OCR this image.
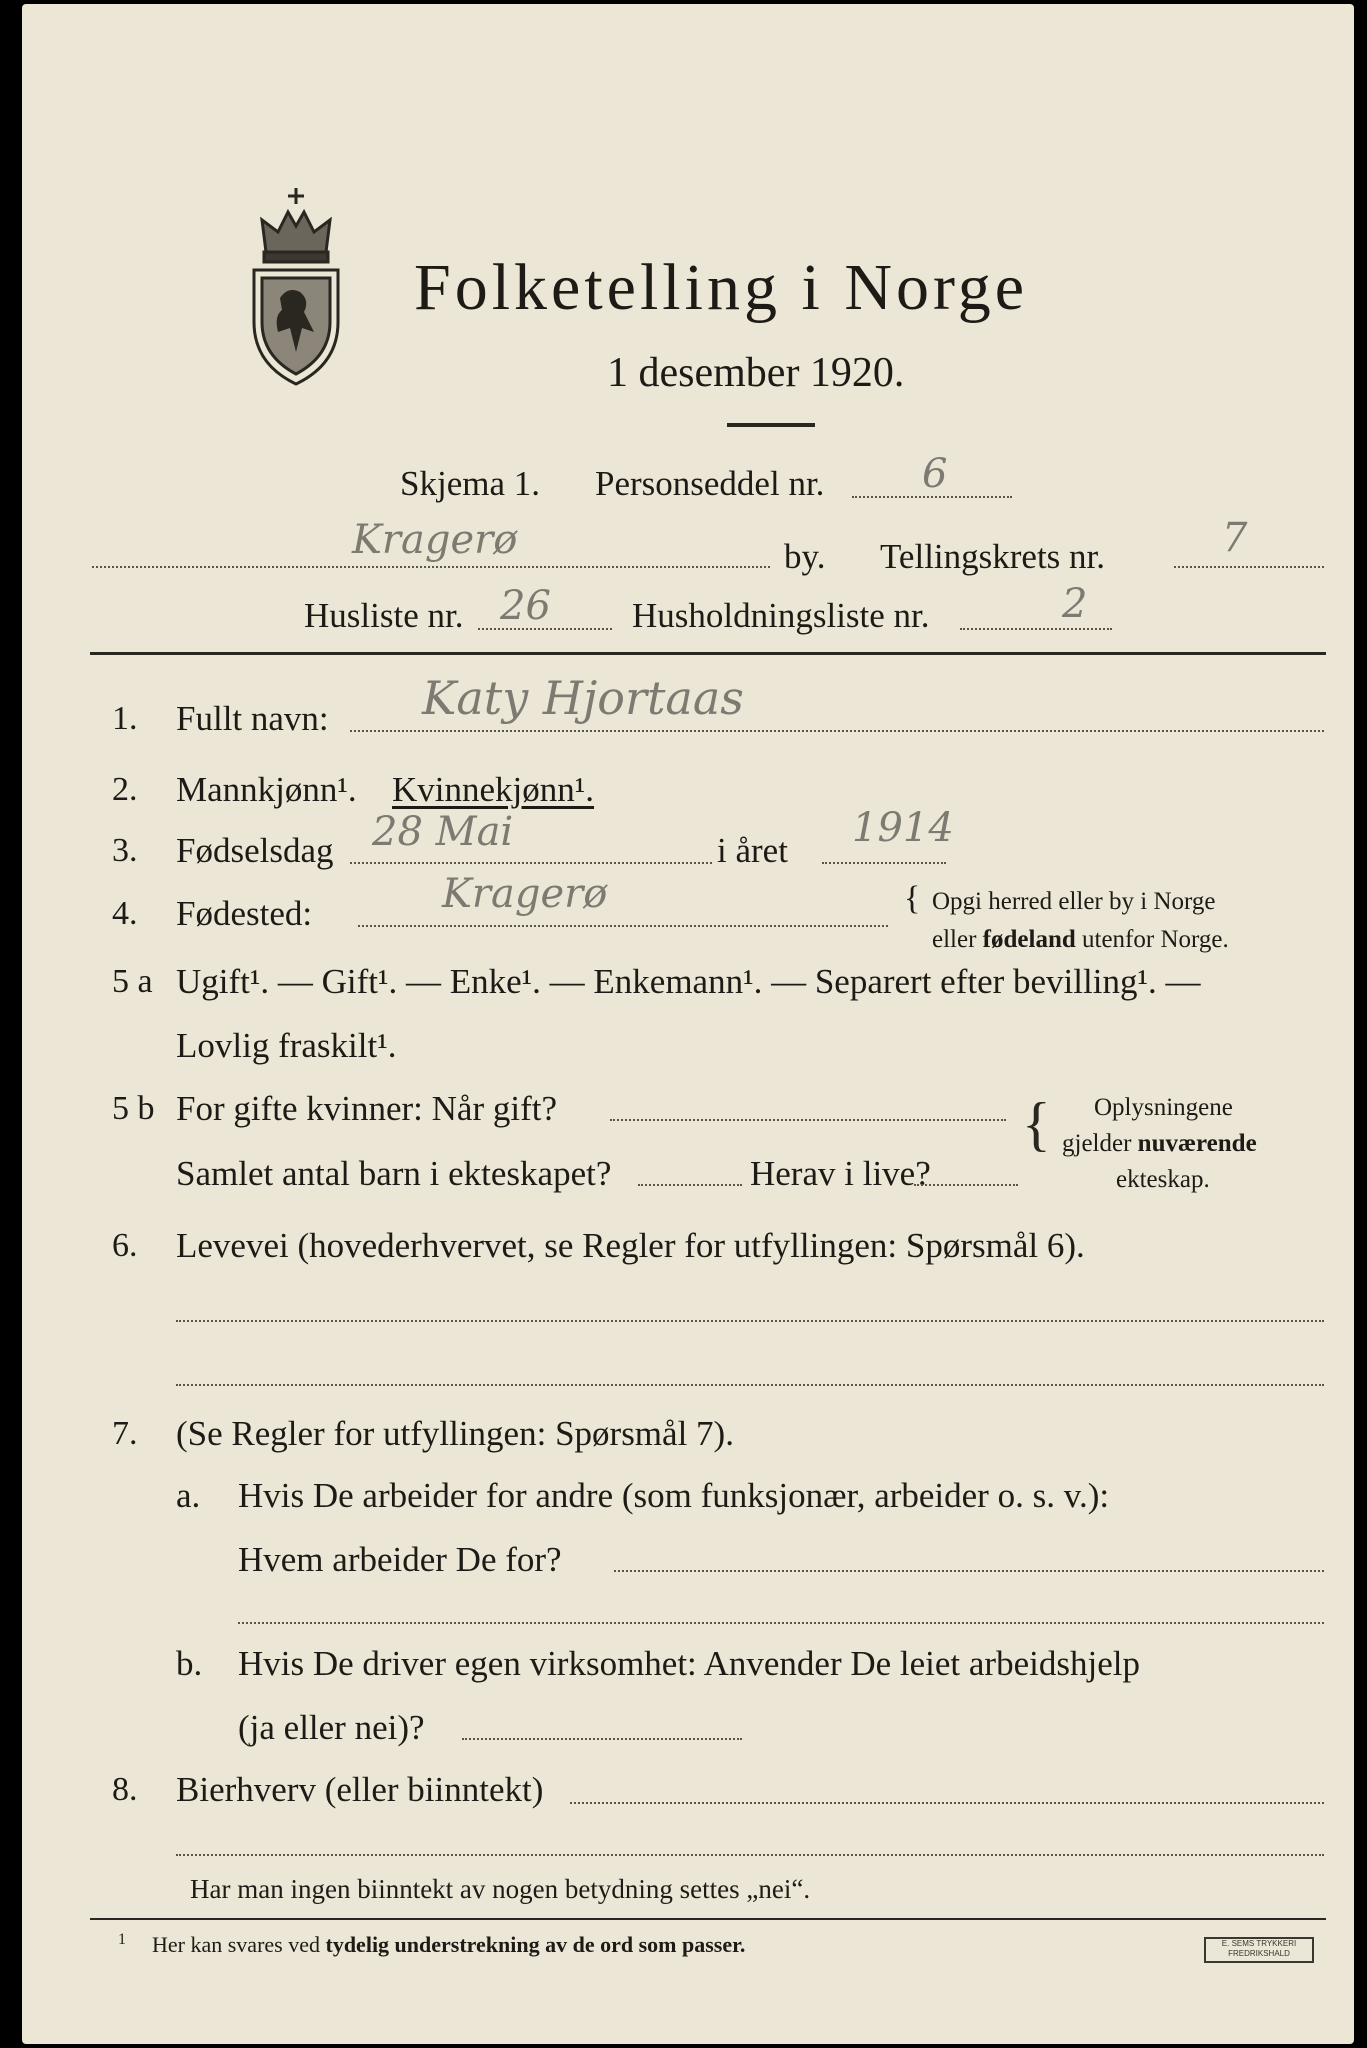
Folketelling i Norge
1 desember 1920.
Skjema 1. Personseddel nr. 6
Kragerø	by. Tellingskrets nr.	7
Husliste nr. 26 Husholdningsliste nr.	2
1. Fullt navn: Katy Hjortaas
2. Mannkjønn¹. Kvinnekjønn¹.
3. Fødselsdag 28 Mai	i året 1914
4. Fødested:	Kragerø	{ Opgi herred eller by i Norge
eller fødeland utenfor Norge.
5 a Ugift¹. — Gift¹. — Enke¹. — Enkemann¹. — Separert efter bevilling¹. —
Lovlig fraskilt¹.
5 b For gifte kvinner: Når gift?
Samlet antal barn i ekteskapet?	Herav i live?
{ Oplysningene
gjelder nuværende
ekteskap.
6. Levevei (hovederhvervet, se Regler for utfyllingen: Spørsmål 6).
7. (Se Regler for utfyllingen: Spørsmål 7).
a. Hvis De arbeider for andre (som funksjonær, arbeider o. s. v.):
Hvem arbeider De for?
b. Hvis De driver egen virksomhet: Anvender De leiet arbeidshjelp
(ja eller nei)?
8. Bierhverv (eller biinntekt)
Har man ingen biinntekt av nogen betydning settes „nei“.
1 Her kan svares ved tydelig understrekning av de ord som passer.	E. SEMS TRYKKERI FREDRIKSHALD
